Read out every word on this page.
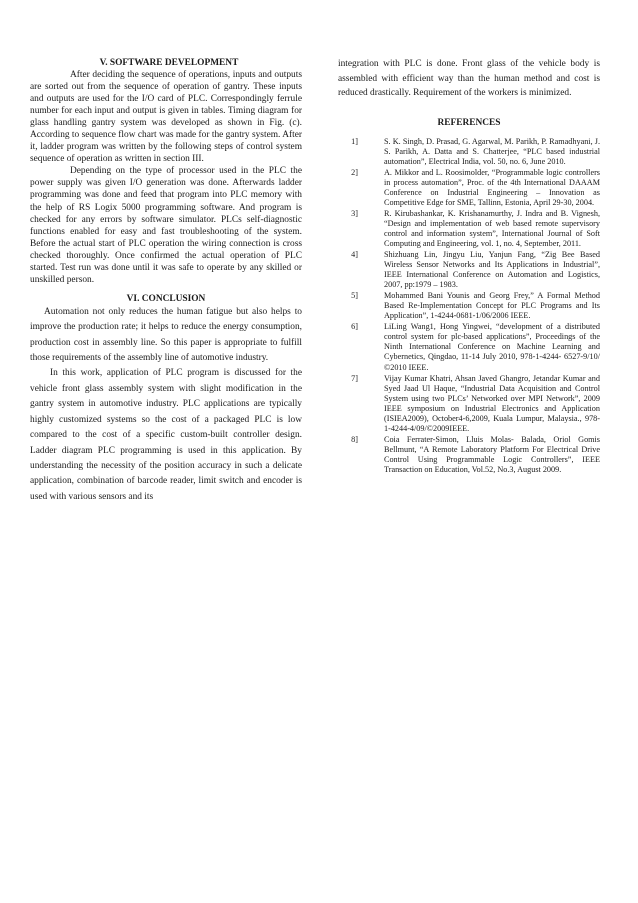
V. SOFTWARE DEVELOPMENT

After deciding the sequence of operations, inputs and outputs are sorted out from the sequence of operation of gantry. These inputs and outputs are used for the I/O card of PLC. Correspondingly ferrule number for each input and output is given in tables. Timing diagram for glass handling gantry system was developed as shown in Fig. (c). According to sequence flow chart was made for the gantry system. After it, ladder program was written by the following steps of control system sequence of operation as written in section III.

Depending on the type of processor used in the PLC the power supply was given I/O generation was done. Afterwards ladder programming was done and feed that program into PLC memory with the help of RS Logix 5000 programming software. And program is checked for any errors by software simulator. PLCs self-diagnostic functions enabled for easy and fast troubleshooting of the system. Before the actual start of PLC operation the wiring connection is cross checked thoroughly. Once confirmed the actual operation of PLC started. Test run was done until it was safe to operate by any skilled or unskilled person.

VI. CONCLUSION

Automation not only reduces the human fatigue but also helps to improve the production rate; it helps to reduce the energy consumption, production cost in assembly line. So this paper is appropriate to fulfill those requirements of the assembly line of automotive industry.

In this work, application of PLC program is discussed for the vehicle front glass assembly system with slight modification in the gantry system in automotive industry. PLC applications are typically highly customized systems so the cost of a packaged PLC is low compared to the cost of a specific custom-built controller design. Ladder diagram PLC programming is used in this application. By understanding the necessity of the position accuracy in such a delicate application, combination of barcode reader, limit switch and encoder is used with various sensors and its

integration with PLC is done. Front glass of the vehicle body is assembled with efficient way than the human method and cost is reduced drastically. Requirement of the workers is minimized.

REFERENCES
1]	S. K. Singh, D. Prasad, G. Agarwal, M. Parikh, P. Ramadhyani, J. S. Parikh, A. Datta and S. Chatterjee, “PLC based industrial automation”, Electrical India, vol. 50, no. 6, June 2010.
2]	A. Mikkor and L. Roosimolder, “Programmable logic controllers in process automation”, Proc. of the 4th International DAAAM Conference on Industrial Engineering – Innovation as Competitive Edge for SME, Tallinn, Estonia, April 29-30, 2004.
3]	R. Kirubashankar, K. Krishanamurthy, J. Indra and B. Vignesh, “Design and implementation of web based remote supervisory control and information system”, International Journal of Soft Computing and Engineering, vol. 1, no. 4, September, 2011.
4]	Shizhuang Lin, Jingyu Liu, Yanjun Fang, “Zig Bee Based Wireless Sensor Networks and Its Applications in Industrial”, IEEE International Conference on Automation and Logistics, 2007, pp:1979 – 1983.
5]	Mohammed Bani Younis and Georg Frey,” A Formal Method Based Re-Implementation Concept for PLC Programs and Its Application”, 1-4244-0681-1/06/2006 IEEE.
6]	LiLing Wang1, Hong Yingwei, “development of a distributed control system for plc-based applications”, Proceedings of the Ninth International Conference on Machine Learning and Cybernetics, Qingdao, 11-14 July 2010, 978-1-4244- 6527-9/10/©2010 IEEE.
7]	Vijay Kumar Khatri, Ahsan Javed Ghangro, Jetandar Kumar and Syed Jaad Ul Haque, “Industrial Data Acquisition and Control System using two PLCs’ Networked over MPI Network”, 2009 IEEE symposium on Industrial Electronics and Application (ISIEA2009), October4-6,2009, Kuala Lumpur, Malaysia., 978-1-4244-4/09/©2009IEEE.
8]	Coia Ferrater-Simon, Lluis Molas- Balada, Oriol Gomis Bellmunt, “A Remote Laboratory Platform For Electrical Drive Control Using Programmable Logic Controllers”, IEEE Transaction on Education, Vol.52, No.3, August 2009.
